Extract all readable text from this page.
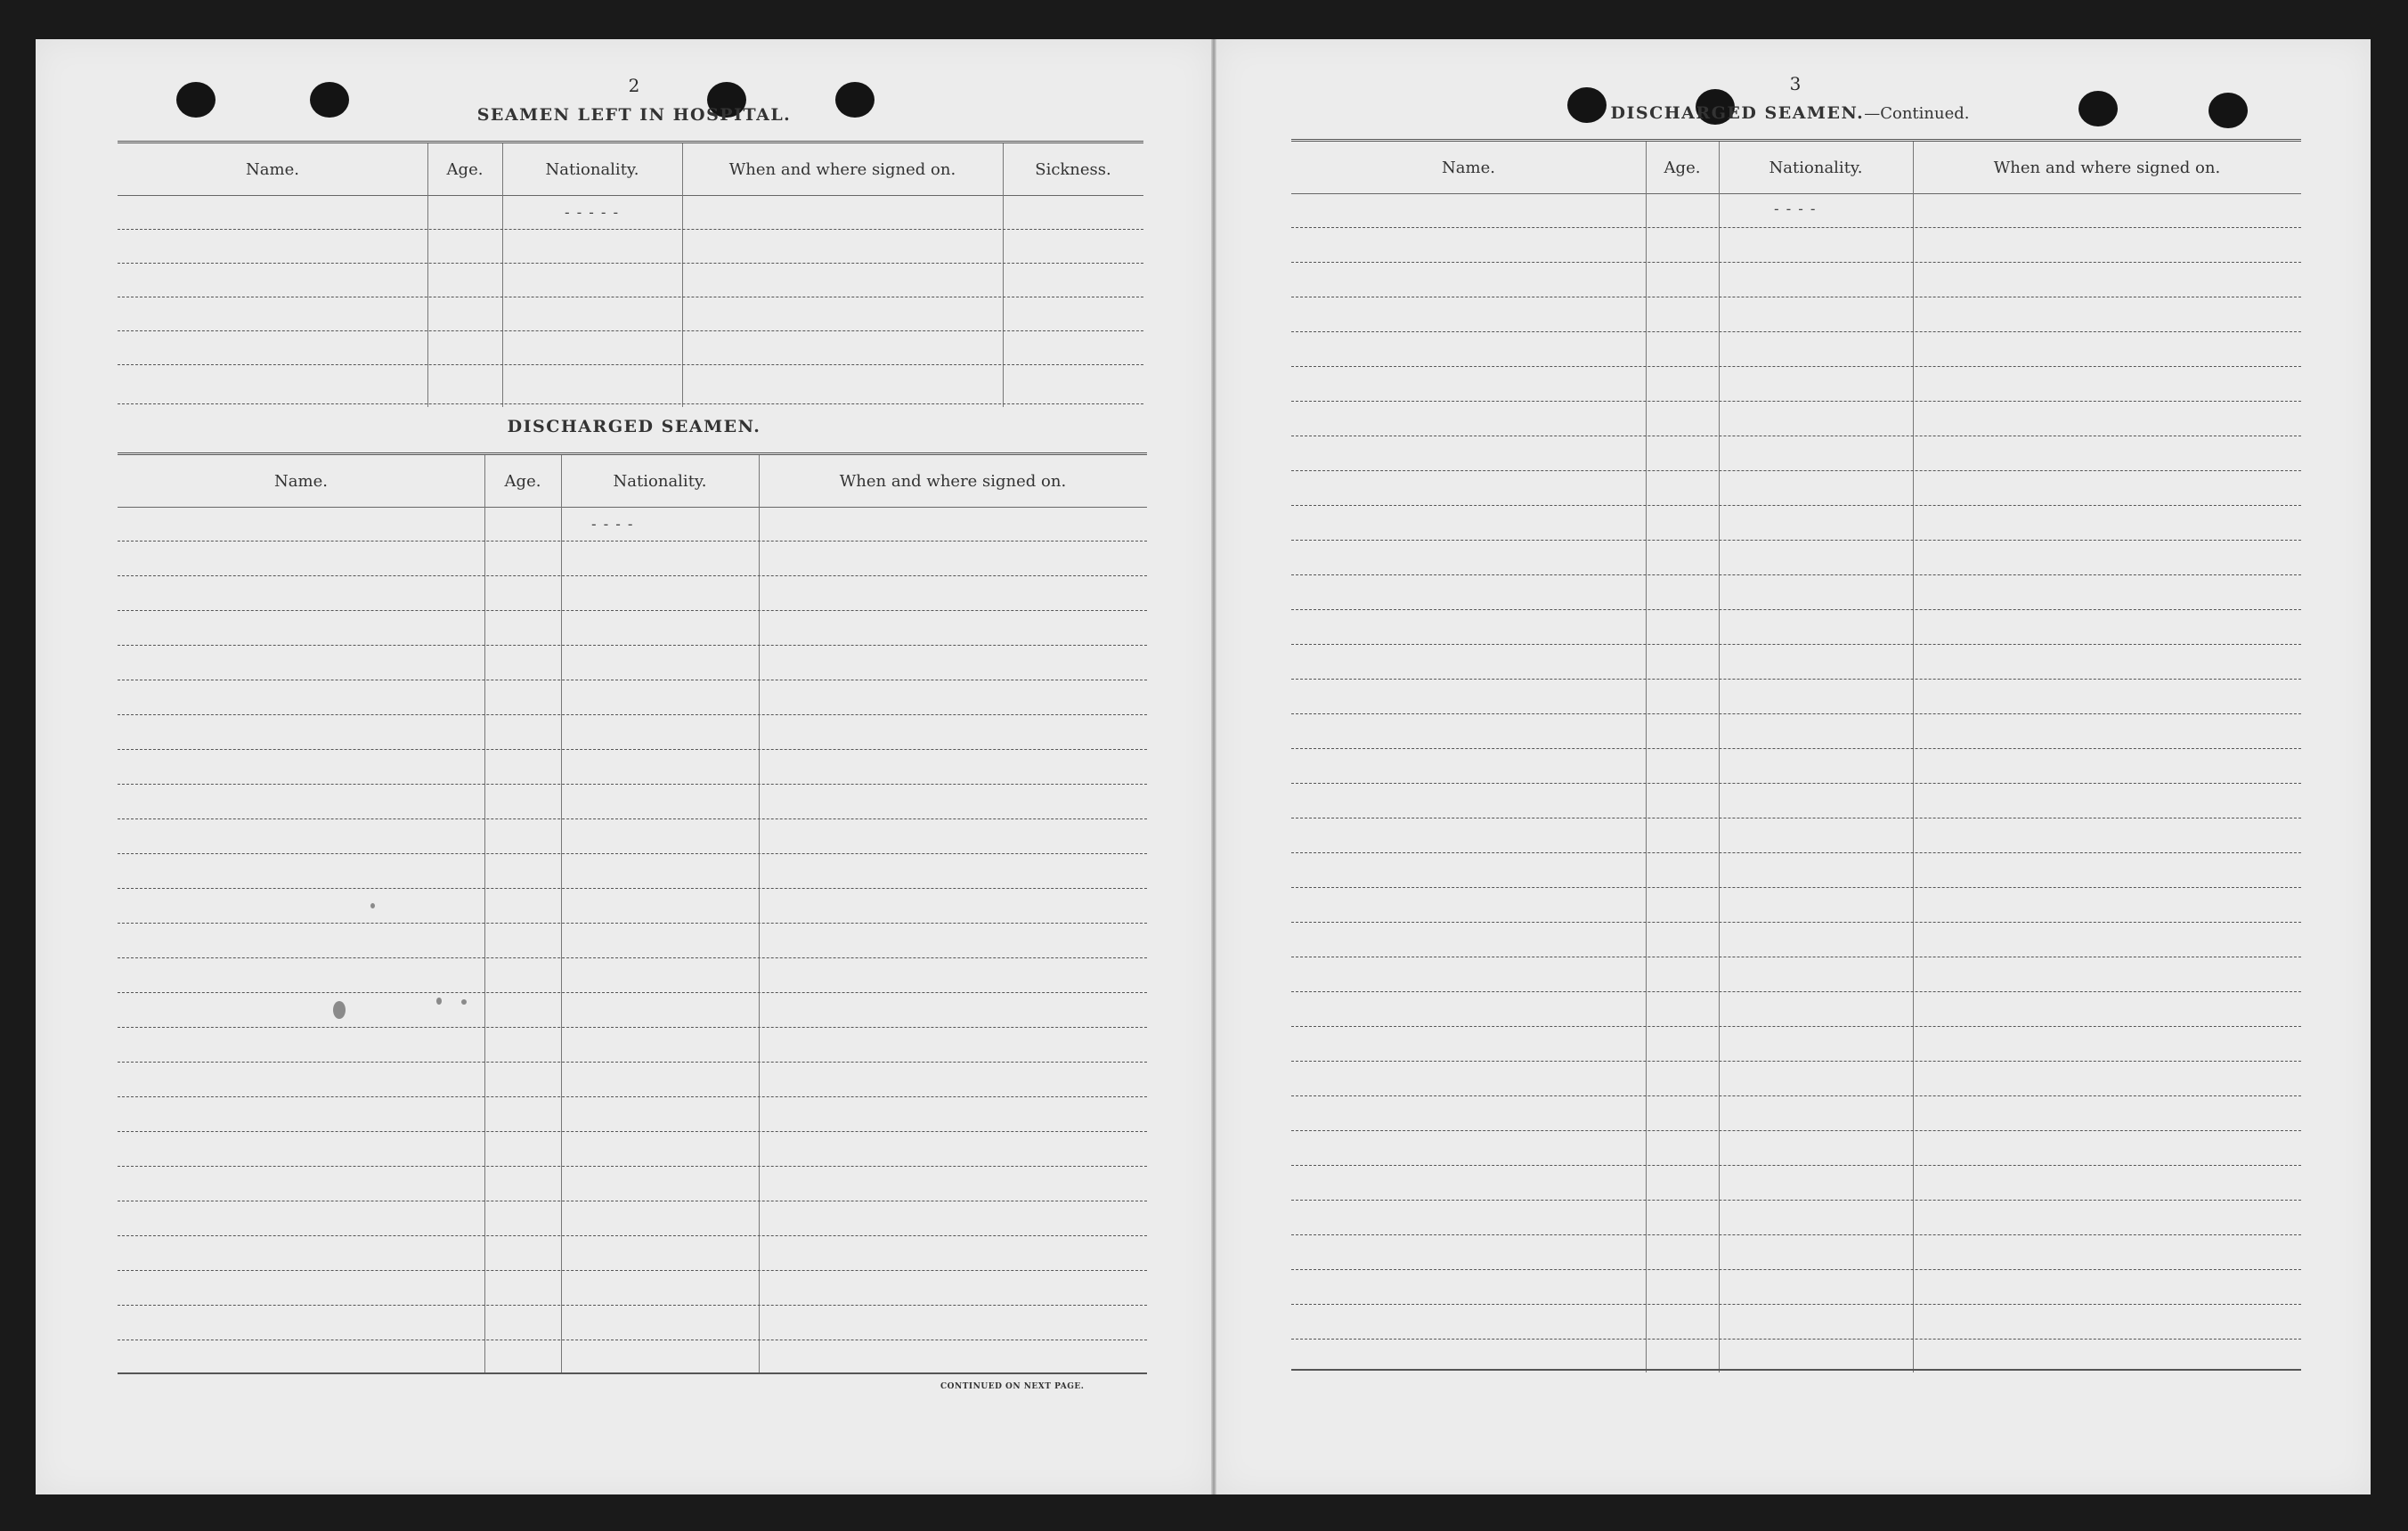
2
SEAMEN LEFT IN HOSPITAL.
Name.	Age.	Nationality.	When and where signed on.	Sickness.
-----
DISCHARGED SEAMEN.
Name.	Age.	Nationality.	When and where signed on.
----
CONTINUED ON NEXT PAGE.
3
DISCHARGED SEAMEN.—Continued.
Name.	Age.	Nationality.	When and where signed on.
----
